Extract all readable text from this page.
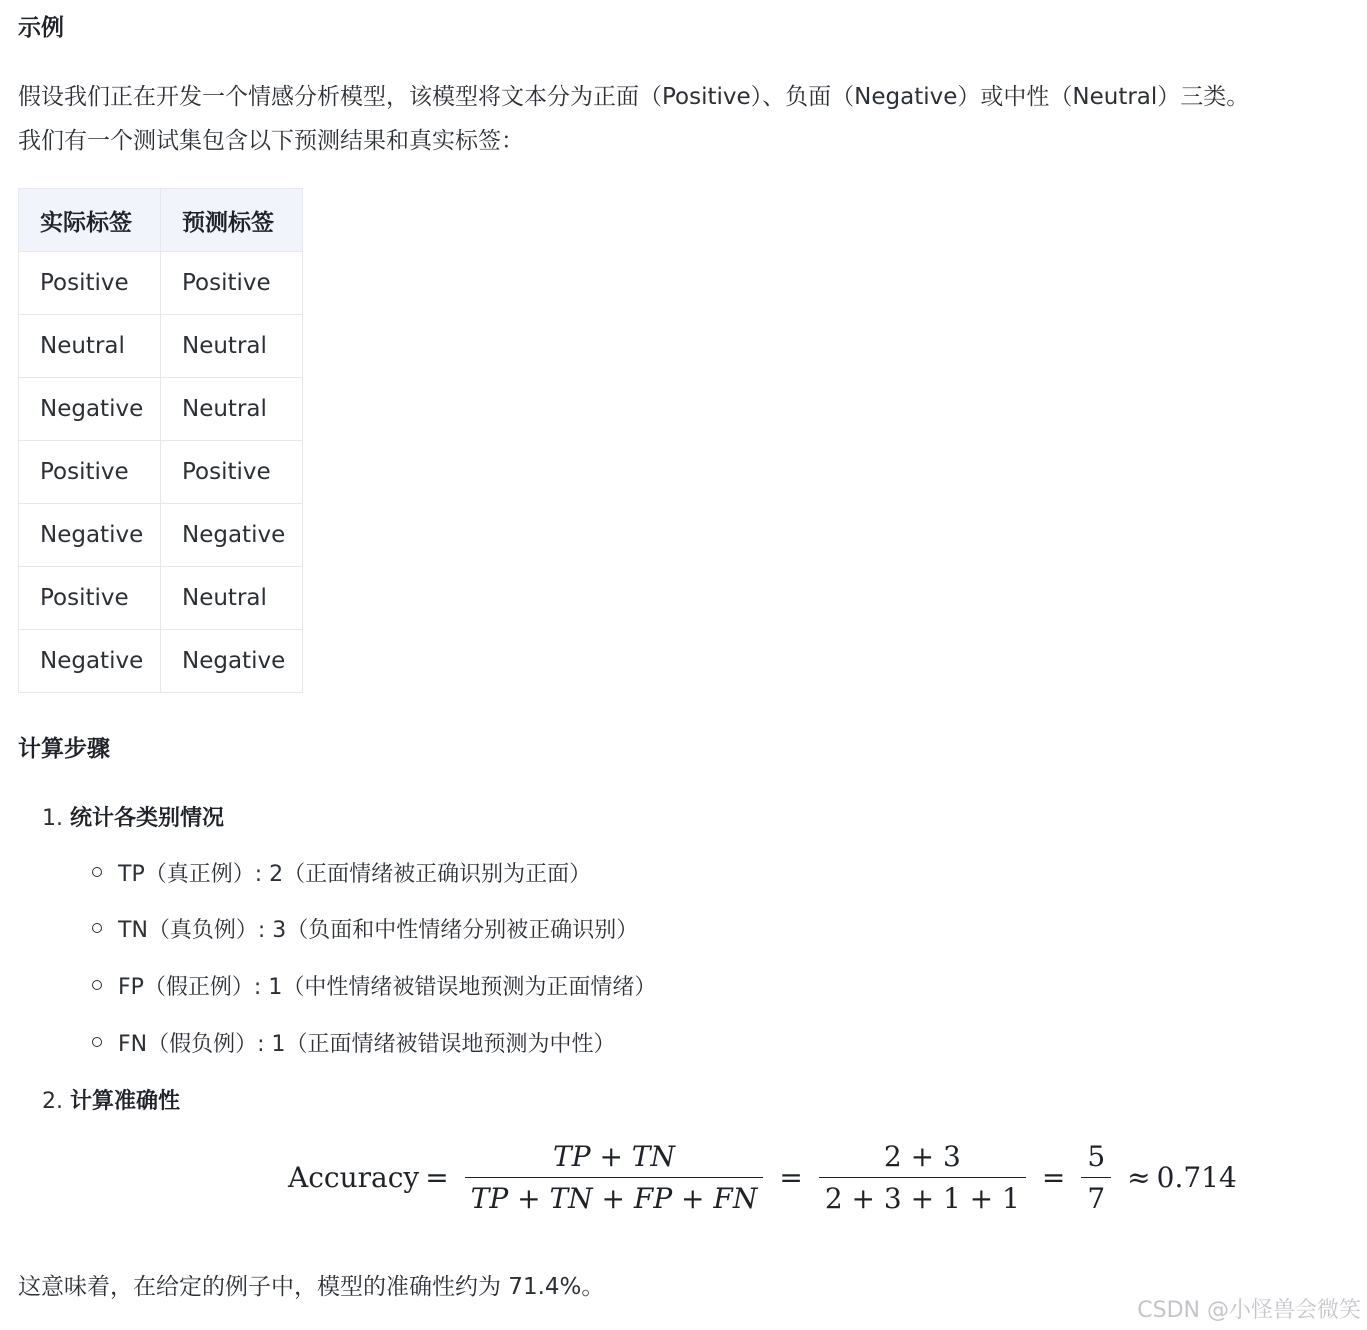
示例
假设我们正在开发一个情感分析模型，该模型将文本分为正面（Positive）、负面（Negative）或中性（Neutral）三类。
我们有一个测试集包含以下预测结果和真实标签：
实际标签	预测标签
Positive	Positive
Neutral	Neutral
Negative	Neutral
Positive	Positive
Negative	Negative
Positive	Neutral
Negative	Negative
计算步骤
1. 统计各类别情况
TP（真正例）: 2（正面情绪被正确识别为正面）
TN（真负例）: 3（负面和中性情绪分别被正确识别）
FP（假正例）: 1（中性情绪被错误地预测为正面情绪）
FN（假负例）: 1（正面情绪被错误地预测为中性）
2. 计算准确性
Accuracy = $\frac{TP + TN}{TP + TN + FP + FN} = \frac{2 + 3}{2 + 3 + 1 + 1} = \frac{5}{7} \approx 0.714$
这意味着，在给定的例子中，模型的准确性约为 71.4%。
CSDN @小怪兽会微笑
